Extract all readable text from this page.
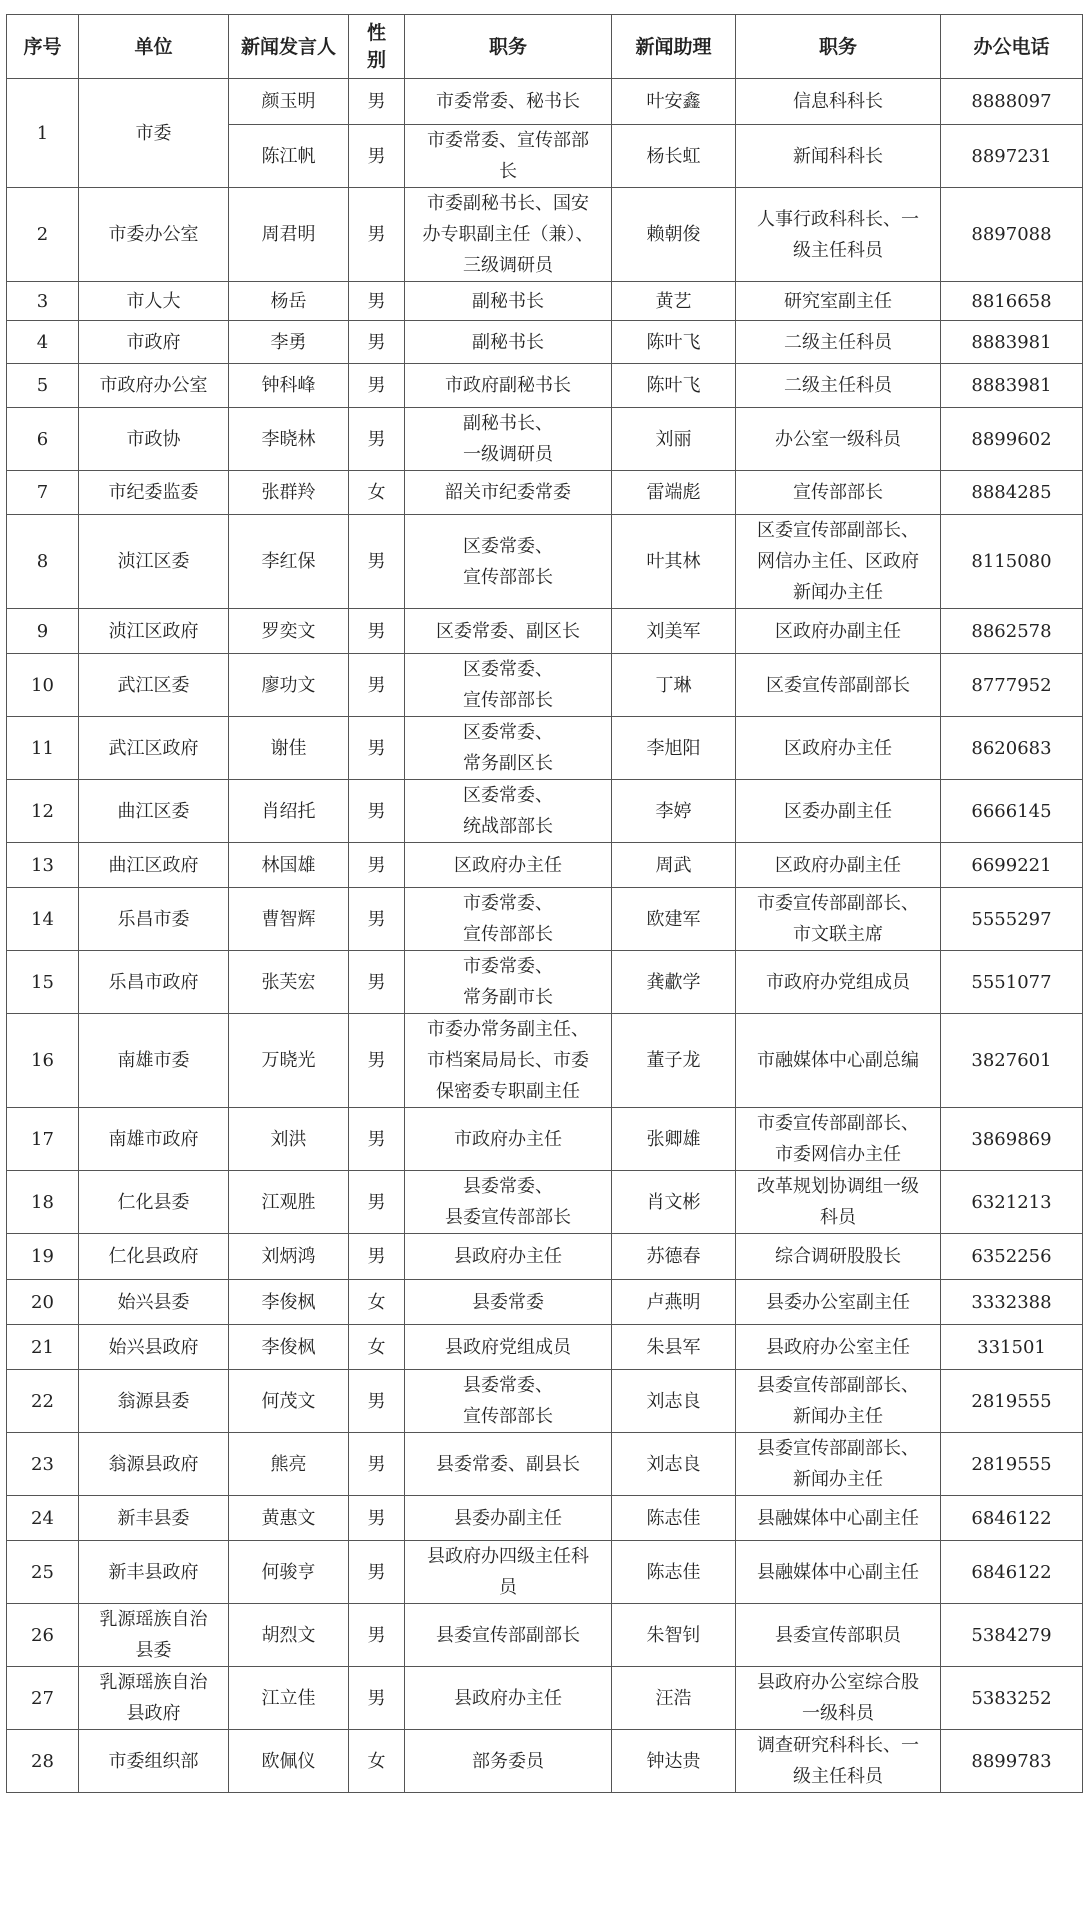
序号	单位	新闻发言人	性
别	职务	新闻助理	职务	办公电话
1	市委	颜玉明	男	市委常委、秘书长	叶安鑫	信息科科长	8888097
		陈江帆	男	市委常委、宣传部部
长	杨长虹	新闻科科长	8897231
2	市委办公室	周君明	男	市委副秘书长、国安
办专职副主任（兼）、
三级调研员	赖朝俊	人事行政科科长、一
级主任科员	8897088
3	市人大	杨岳	男	副秘书长	黄艺	研究室副主任	8816658
4	市政府	李勇	男	副秘书长	陈叶飞	二级主任科员	8883981
5	市政府办公室	钟科峰	男	市政府副秘书长	陈叶飞	二级主任科员	8883981
6	市政协	李晓林	男	副秘书长、
一级调研员	刘丽	办公室一级科员	8899602
7	市纪委监委	张群羚	女	韶关市纪委常委	雷端彪	宣传部部长	8884285
8	浈江区委	李红保	男	区委常委、
宣传部部长	叶其林	区委宣传部副部长、
网信办主任、区政府
新闻办主任	8115080
9	浈江区政府	罗奕文	男	区委常委、副区长	刘美军	区政府办副主任	8862578
10	武江区委	廖功文	男	区委常委、
宣传部部长	丁琳	区委宣传部副部长	8777952
11	武江区政府	谢佳	男	区委常委、
常务副区长	李旭阳	区政府办主任	8620683
12	曲江区委	肖绍托	男	区委常委、
统战部部长	李婷	区委办副主任	6666145
13	曲江区政府	林国雄	男	区政府办主任	周武	区政府办副主任	6699221
14	乐昌市委	曹智辉	男	市委常委、
宣传部部长	欧建军	市委宣传部副部长、
市文联主席	5555297
15	乐昌市政府	张芙宏	男	市委常委、
常务副市长	龚歗学	市政府办党组成员	5551077
16	南雄市委	万晓光	男	市委办常务副主任、
市档案局局长、市委
保密委专职副主任	董子龙	市融媒体中心副总编	3827601
17	南雄市政府	刘洪	男	市政府办主任	张卿雄	市委宣传部副部长、
市委网信办主任	3869869
18	仁化县委	江观胜	男	县委常委、
县委宣传部部长	肖文彬	改革规划协调组一级
科员	6321213
19	仁化县政府	刘炳鸿	男	县政府办主任	苏德春	综合调研股股长	6352256
20	始兴县委	李俊枫	女	县委常委	卢燕明	县委办公室副主任	3332388
21	始兴县政府	李俊枫	女	县政府党组成员	朱县军	县政府办公室主任	331501
22	翁源县委	何茂文	男	县委常委、
宣传部部长	刘志良	县委宣传部副部长、
新闻办主任	2819555
23	翁源县政府	熊亮	男	县委常委、副县长	刘志良	县委宣传部副部长、
新闻办主任	2819555
24	新丰县委	黄惠文	男	县委办副主任	陈志佳	县融媒体中心副主任	6846122
25	新丰县政府	何骏亨	男	县政府办四级主任科
员	陈志佳	县融媒体中心副主任	6846122
26	乳源瑶族自治
县委	胡烈文	男	县委宣传部副部长	朱智钊	县委宣传部职员	5384279
27	乳源瑶族自治
县政府	江立佳	男	县政府办主任	汪浩	县政府办公室综合股
一级科员	5383252
28	市委组织部	欧佩仪	女	部务委员	钟达贵	调查研究科科长、一
级主任科员	8899783
